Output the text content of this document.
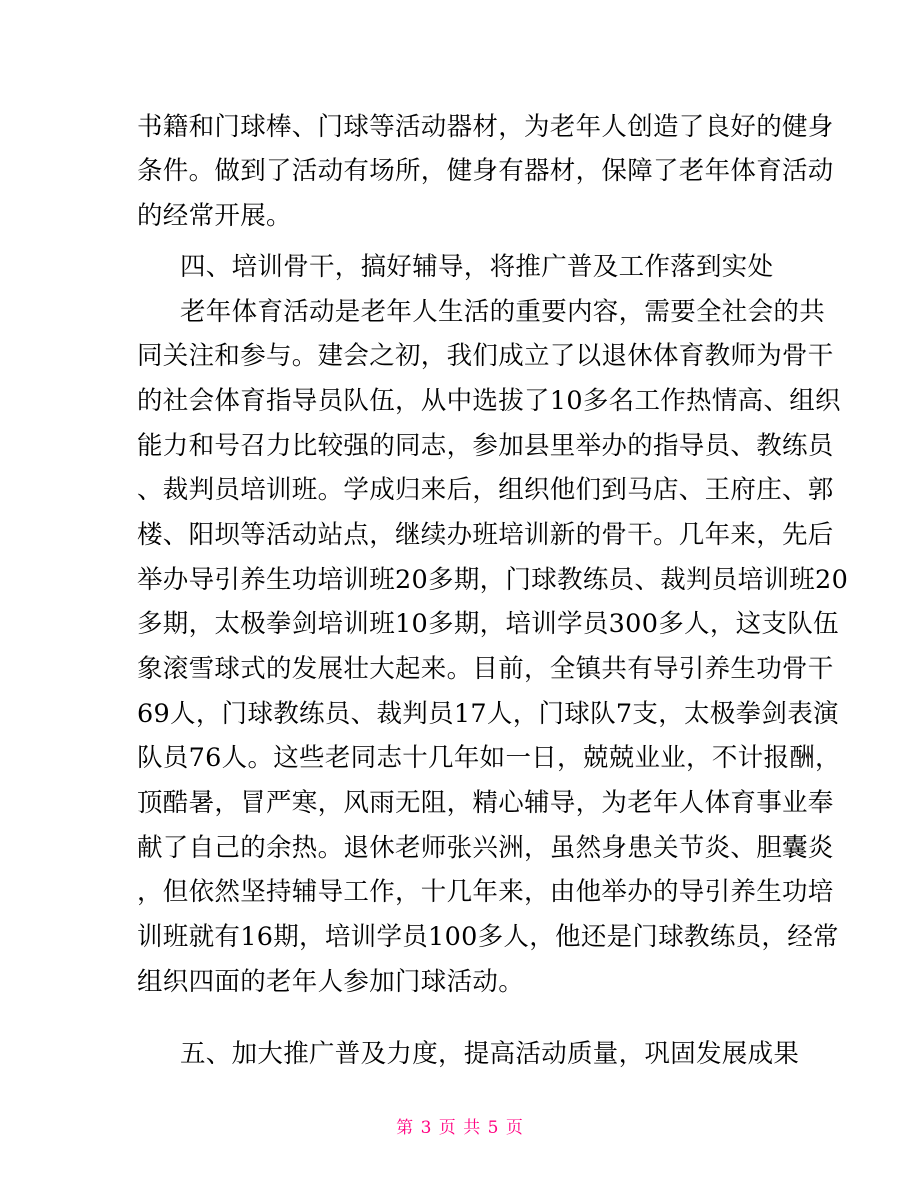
书籍和门球棒、门球等活动器材，为老年人创造了良好的健身
条件。做到了活动有场所，健身有器材，保障了老年体育活动
的经常开展。
四、培训骨干，搞好辅导，将推广普及工作落到实处
老年体育活动是老年人生活的重要内容，需要全社会的共
同关注和参与。建会之初，我们成立了以退休体育教师为骨干
的社会体育指导员队伍，从中选拔了10多名工作热情高、组织
能力和号召力比较强的同志，参加县里举办的指导员、教练员
、裁判员培训班。学成归来后，组织他们到马店、王府庄、郭
楼、阳坝等活动站点，继续办班培训新的骨干。几年来，先后
举办导引养生功培训班20多期，门球教练员、裁判员培训班20
多期，太极拳剑培训班10多期，培训学员300多人，这支队伍
象滚雪球式的发展壮大起来。目前，全镇共有导引养生功骨干
69人，门球教练员、裁判员17人，门球队7支，太极拳剑表演
队员76人。这些老同志十几年如一日，兢兢业业，不计报酬，
顶酷暑，冒严寒，风雨无阻，精心辅导，为老年人体育事业奉
献了自己的余热。退休老师张兴洲，虽然身患关节炎、胆囊炎
，但依然坚持辅导工作，十几年来，由他举办的导引养生功培
训班就有16期，培训学员100多人，他还是门球教练员，经常
组织四面的老年人参加门球活动。
五、加大推广普及力度，提高活动质量，巩固发展成果
第 3 页 共 5 页
